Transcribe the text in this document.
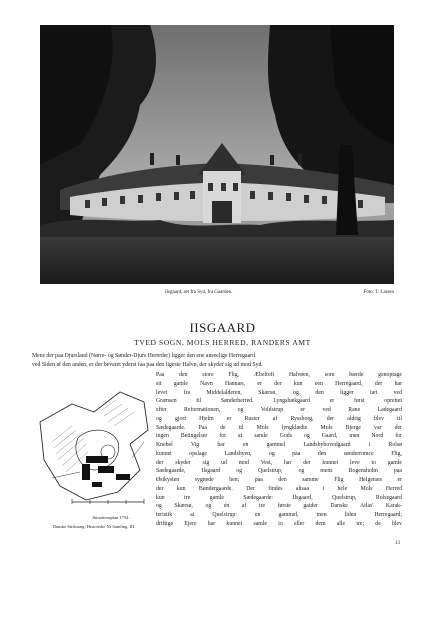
Ilsgaard, set fra Syd, fra Gaarden.	Foto: T. Larsen
IISGAARD
TVED SOGN, MOLS HERRED, RANDERS AMT
Mens der paa Djursland (Nørre- og Sønder-Djurs Herreder) ligger den ene anseelige Herregaard
ved Siden af den anden, er der bevaret yderst faa paa den ligeste Halvø, der skyder sig ud mod Syd.
Paa den store Flig, Æbeltoft Halvøen, som bærde genoptage
sit gamle Navn Hannæs, er der kun een Herregaard, der har
levet fra Middelalderen, Skærsø, og den ligger tæt ved
Grænsen til Sønderherred. Lyngsbækgaard er først oprettet
efter Reformationen, og Voldstrup er ved Rane Ladegaard
og gjort Hjelm er Ruster af Ryssborg, der aldrig blev til
Sædegaarde. Paa de til Mols lyngklædte Mols Bjerge var der
ingen Betingelser for at samle Gods og Gaard, men Nord for
Knebel Vig har en gammel Landsbyhovedgaard i Rolsø
kunnet opslage Landsbyen, og paa den sønderromce Flig,
der skyder sig ud mod Vest, har der kunnet leve to gamle
Sædegaarde, Ilsgaard og Quelstrup, og mens Bogensholm paa
Østkysten sygnede hen; paa den samme Flig Helgenæs er
der kun Bøndergaarde. Der findes altsaa i hele Mols Herred
kun tre gamle Sædegaarde: Ilsgaard, Quelstrup, Rolsegaard
og Skærsø, og én af tre første gaider Danske Atlas' Karak-
teristik at Quelstrup: en gammel, men liden Herregaard;
driftige Ejere har kunnet samle to eller dem alle tre; de blev
Situationsplan 1754.
Danske Stiftsaarg: Historiske Nr Samling. III.
13
